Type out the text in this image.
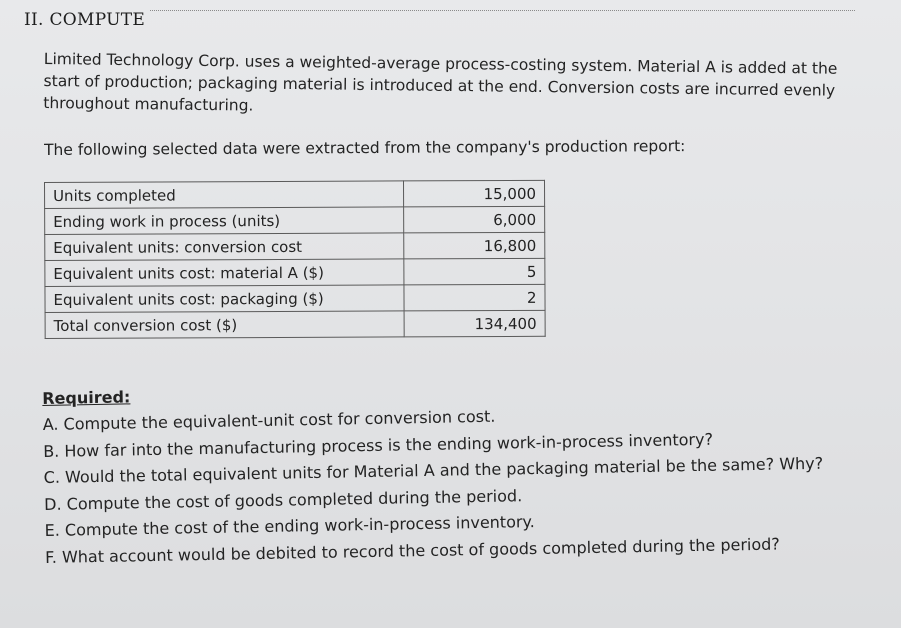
II. COMPUTE

Limited Technology Corp. uses a weighted-average process-costing system. Material A is added at the start of production; packaging material is introduced at the end. Conversion costs are incurred evenly throughout manufacturing.

The following selected data were extracted from the company's production report:

Units completed	15,000
Ending work in process (units)	6,000
Equivalent units: conversion cost	16,800
Equivalent units cost: material A ($)	5
Equivalent units cost: packaging ($)	2
Total conversion cost ($)	134,400

Required:

A. Compute the equivalent-unit cost for conversion cost.
B. How far into the manufacturing process is the ending work-in-process inventory?
C. Would the total equivalent units for Material A and the packaging material be the same? Why?
D. Compute the cost of goods completed during the period.
E. Compute the cost of the ending work-in-process inventory.
F. What account would be debited to record the cost of goods completed during the period?
